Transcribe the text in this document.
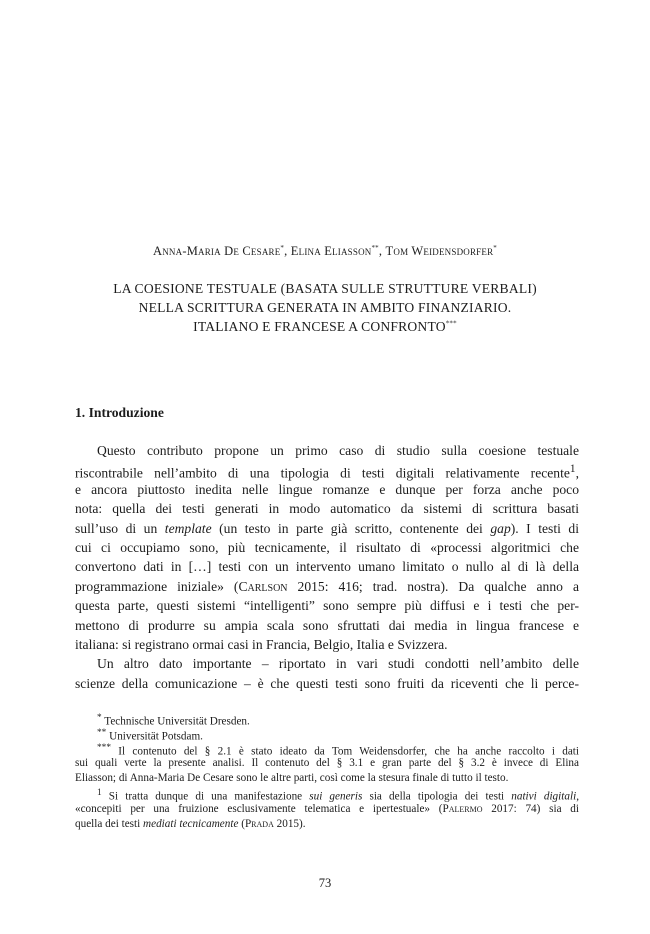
Anna-Maria De Cesare*, Elina Eliasson**, Tom Weidensdorfer*
LA COESIONE TESTUALE (BASATA SULLE STRUTTURE VERBALI)
NELLA SCRITTURA GENERATA IN AMBITO FINANZIARIO.
ITALIANO E FRANCESE A CONFRONTO***
1. Introduzione
Questo contributo propone un primo caso di studio sulla coesione testuale
riscontrabile nell’ambito di una tipologia di testi digitali relativamente recente$^1$,
e ancora piuttosto inedita nelle lingue romanze e dunque per forza anche poco
nota: quella dei testi generati in modo automatico da sistemi di scrittura basati
sull’uso di un template (un testo in parte già scritto, contenente dei gap). I testi di
cui ci occupiamo sono, più tecnicamente, il risultato di «processi algoritmici che
convertono dati in […] testi con un intervento umano limitato o nullo al di là della
programmazione iniziale» (Carlson 2015: 416; trad. nostra). Da qualche anno a
questa parte, questi sistemi “intelligenti” sono sempre più diffusi e i testi che per-
mettono di produrre su ampia scala sono sfruttati dai media in lingua francese e
italiana: si registrano ormai casi in Francia, Belgio, Italia e Svizzera.
Un altro dato importante – riportato in vari studi condotti nell’ambito delle
scienze della comunicazione – è che questi testi sono fruiti da riceventi che li perce-
* Technische Universität Dresden.
** Universität Potsdam.
*** Il contenuto del § 2.1 è stato ideato da Tom Weidensdorfer, che ha anche raccolto i dati
sui quali verte la presente analisi. Il contenuto del § 3.1 e gran parte del § 3.2 è invece di Elina
Eliasson; di Anna-Maria De Cesare sono le altre parti, così come la stesura finale di tutto il testo.
$^1$ Si tratta dunque di una manifestazione sui generis sia della tipologia dei testi nativi digitali,
«concepiti per una fruizione esclusivamente telematica e ipertestuale» (Palermo 2017: 74) sia di
quella dei testi mediati tecnicamente (Prada 2015).
73
